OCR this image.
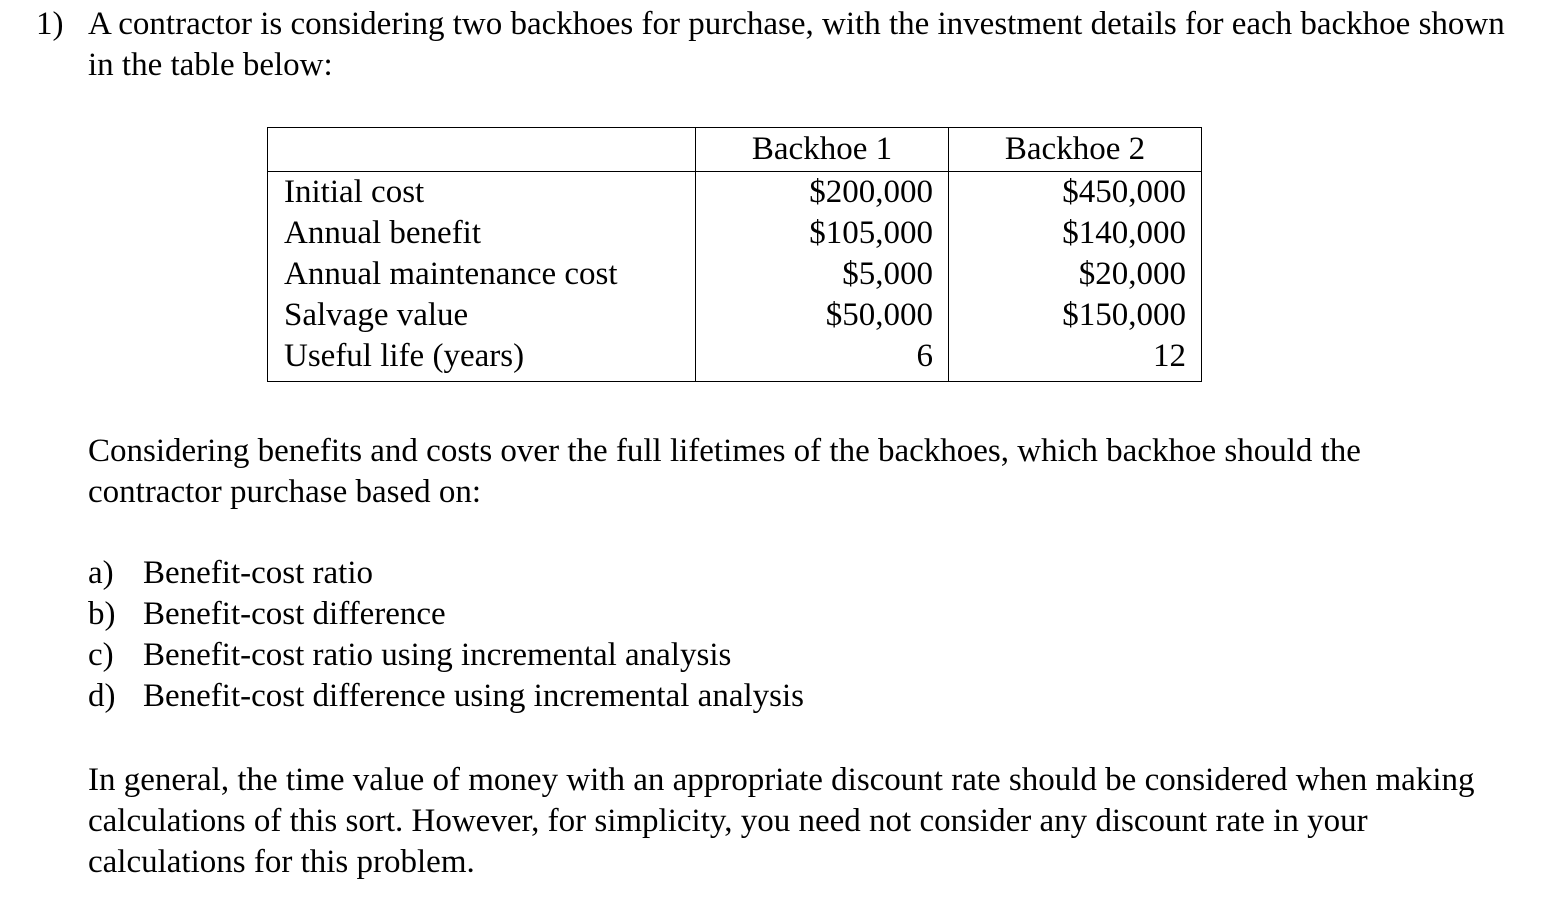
1) A contractor is considering two backhoes for purchase, with the investment details for each backhoe shown in the table below:
	Backhoe 1	Backhoe 2
Initial cost	$200,000	$450,000
Annual benefit	$105,000	$140,000
Annual maintenance cost	$5,000	$20,000
Salvage value	$50,000	$150,000
Useful life (years)	6	12
Considering benefits and costs over the full lifetimes of the backhoes, which backhoe should the contractor purchase based on:
a) Benefit-cost ratio
b) Benefit-cost difference
c) Benefit-cost ratio using incremental analysis
d) Benefit-cost difference using incremental analysis
In general, the time value of money with an appropriate discount rate should be considered when making calculations of this sort. However, for simplicity, you need not consider any discount rate in your calculations for this problem.
